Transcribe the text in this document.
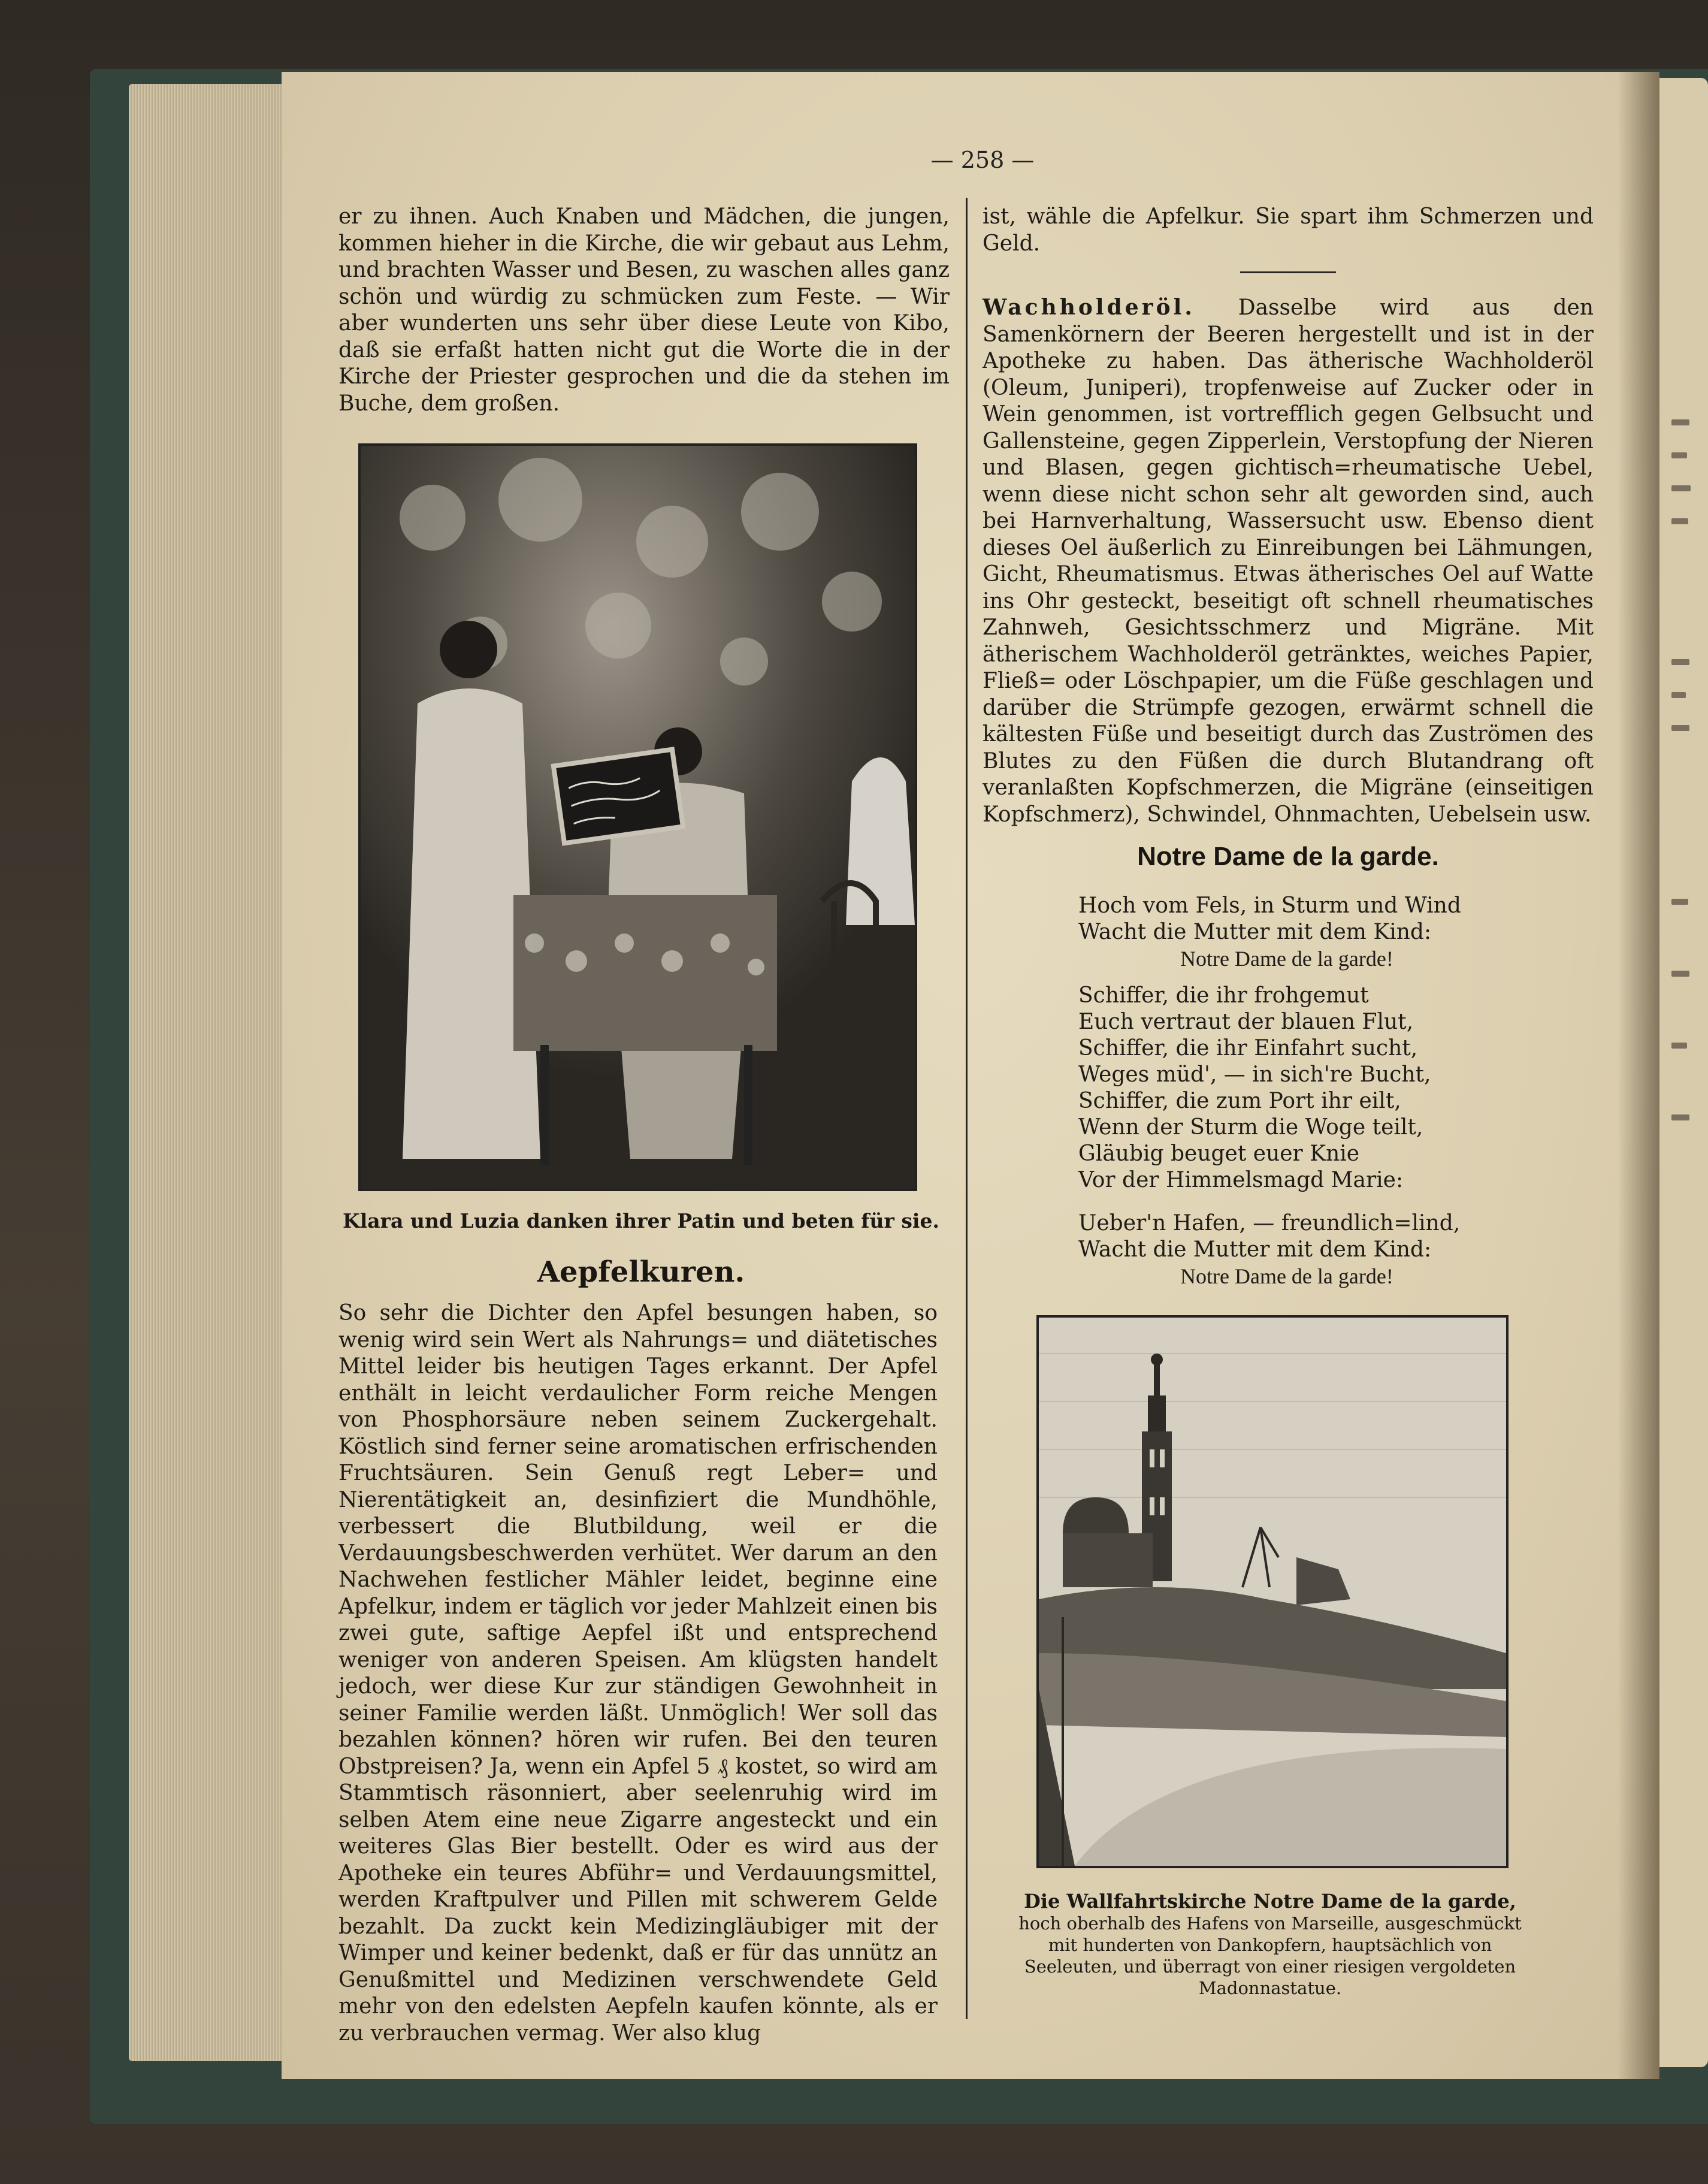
— 258 —

er zu ihnen. Auch Knaben und Mädchen, die jungen, kommen hieher in die Kirche, die wir gebaut aus Lehm, und brachten Wasser und Besen, zu waschen alles ganz schön und würdig zu schmücken zum Feste. — Wir aber wunderten uns sehr über diese Leute von Kibo, daß sie erfaßt hatten nicht gut die Worte die in der Kirche der Priester gesprochen und die da stehen im Buche, dem großen.

Klara und Luzia danken ihrer Patin und beten für sie.
Aepfelkuren.

So sehr die Dichter den Apfel besungen haben, so wenig wird sein Wert als Nahrungs= und diätetisches Mittel leider bis heutigen Tages erkannt. Der Apfel enthält in leicht verdaulicher Form reiche Mengen von Phosphorsäure neben seinem Zuckergehalt. Köstlich sind ferner seine aromatischen erfrischenden Fruchtsäuren. Sein Genuß regt Leber= und Nierentätigkeit an, desinfiziert die Mundhöhle, verbessert die Blutbildung, weil er die Verdauungsbeschwerden verhütet. Wer darum an den Nachwehen festlicher Mähler leidet, beginne eine Apfelkur, indem er täglich vor jeder Mahlzeit einen bis zwei gute, saftige Aepfel ißt und entsprechend weniger von anderen Speisen. Am klügsten handelt jedoch, wer diese Kur zur ständigen Gewohnheit in seiner Familie werden läßt. Unmöglich! Wer soll das bezahlen können? hören wir rufen. Bei den teuren Obstpreisen? Ja, wenn ein Apfel 5 ₰ kostet, so wird am Stammtisch räsonniert, aber seelenruhig wird im selben Atem eine neue Zigarre angesteckt und ein weiteres Glas Bier bestellt. Oder es wird aus der Apotheke ein teures Abführ= und Verdauungsmittel, werden Kraftpulver und Pillen mit schwerem Gelde bezahlt. Da zuckt kein Medizingläubiger mit der Wimper und keiner bedenkt, daß er für das unnütz an Genußmittel und Medizinen verschwendete Geld mehr von den edelsten Aepfeln kaufen könnte, als er zu verbrauchen vermag. Wer also klug

ist, wähle die Apfelkur. Sie spart ihm Schmerzen und Geld.

Wachholderöl. Dasselbe wird aus den Samenkörnern der Beeren hergestellt und ist in der Apotheke zu haben. Das ätherische Wachholderöl (Oleum, Juniperi), tropfenweise auf Zucker oder in Wein genommen, ist vortrefflich gegen Gelbsucht und Gallensteine, gegen Zipperlein, Verstopfung der Nieren und Blasen, gegen gichtisch=rheumatische Uebel, wenn diese nicht schon sehr alt geworden sind, auch bei Harnverhaltung, Wassersucht usw. Ebenso dient dieses Oel äußerlich zu Einreibungen bei Lähmungen, Gicht, Rheumatismus. Etwas ätherisches Oel auf Watte ins Ohr gesteckt, beseitigt oft schnell rheumatisches Zahnweh, Gesichtsschmerz und Migräne. Mit ätherischem Wachholderöl getränktes, weiches Papier, Fließ= oder Löschpapier, um die Füße geschlagen und darüber die Strümpfe gezogen, erwärmt schnell die kältesten Füße und beseitigt durch das Zuströmen des Blutes zu den Füßen die durch Blutandrang oft veranlaßten Kopfschmerzen, die Migräne (einseitigen Kopfschmerz), Schwindel, Ohnmachten, Uebelsein usw.

Notre Dame de la garde.
Hoch vom Fels, in Sturm und Wind
Wacht die Mutter mit dem Kind:
Notre Dame de la garde!
Schiffer, die ihr frohgemut
Euch vertraut der blauen Flut,
Schiffer, die ihr Einfahrt sucht,
Weges müd', — in sich're Bucht,
Schiffer, die zum Port ihr eilt,
Wenn der Sturm die Woge teilt,
Gläubig beuget euer Knie
Vor der Himmelsmagd Marie:
Ueber'n Hafen, — freundlich=lind,
Wacht die Mutter mit dem Kind:
Notre Dame de la garde!
Die Wallfahrtskirche Notre Dame de la garde,
hoch oberhalb des Hafens von Marseille, ausgeschmückt mit hunderten von Dankopfern, hauptsächlich von Seeleuten, und überragt von einer riesigen vergoldeten Madonnastatue.
